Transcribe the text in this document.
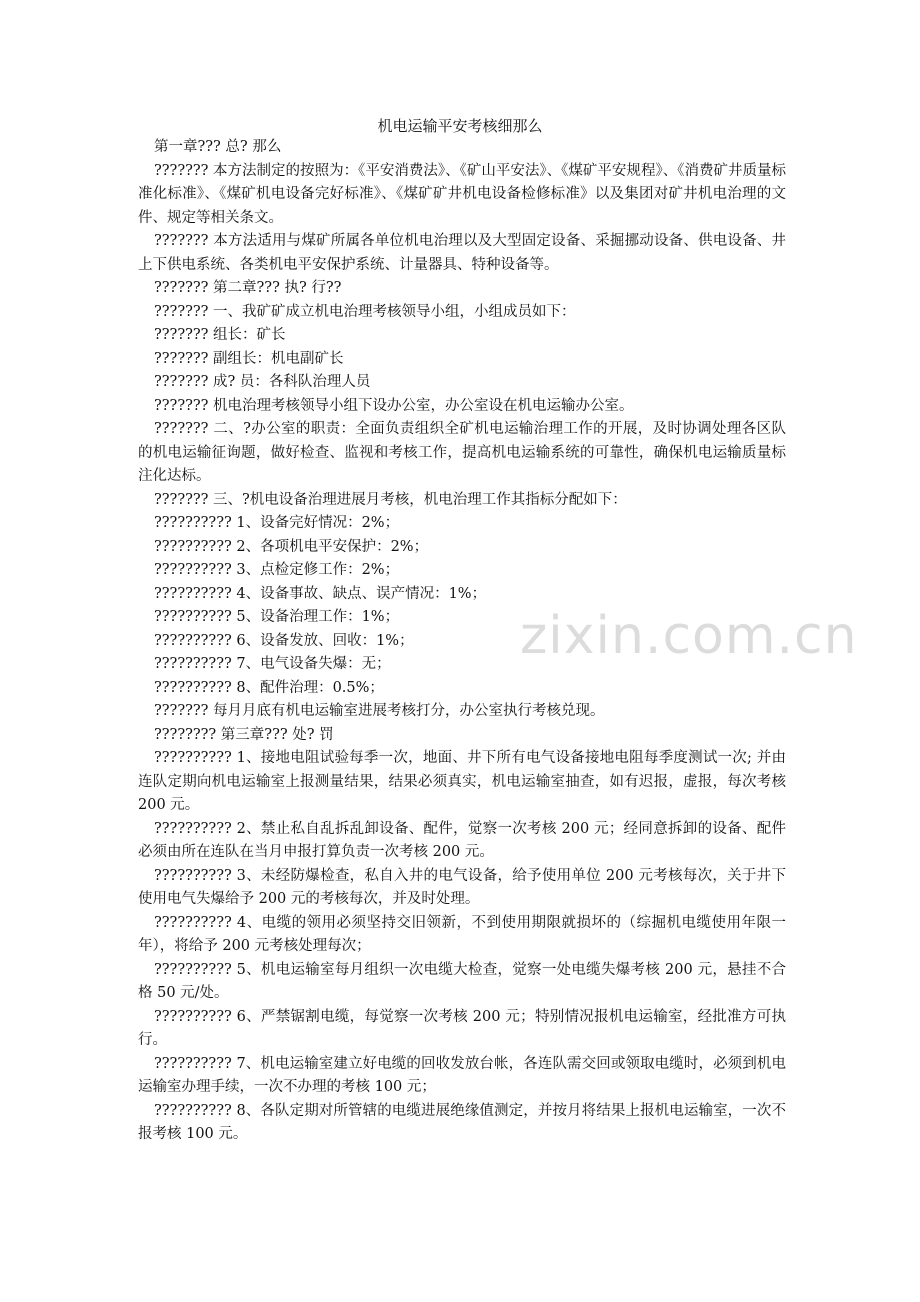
机电运输平安考核细那么

第一章??? 总? 那么

??????? 本方法制定的按照为：《平安消费法》、《矿山平安法》、《煤矿平安规程》、《消费矿井质量标准化标准》、《煤矿机电设备完好标准》、《煤矿矿井机电设备检修标准》以及集团对矿井机电治理的文件、规定等相关条文。

??????? 本方法适用与煤矿所属各单位机电治理以及大型固定设备、采掘挪动设备、供电设备、井上下供电系统、各类机电平安保护系统、计量器具、特种设备等。

??????? 第二章??? 执? 行??

??????? 一、我矿矿成立机电治理考核领导小组，小组成员如下：

??????? 组长：矿长

??????? 副组长：机电副矿长

??????? 成? 员：各科队治理人员

??????? 机电治理考核领导小组下设办公室，办公室设在机电运输办公室。

??????? 二、?办公室的职责：全面负责组织全矿机电运输治理工作的开展，及时协调处理各区队的机电运输征询题，做好检查、监视和考核工作，提高机电运输系统的可靠性，确保机电运输质量标注化达标。

??????? 三、?机电设备治理进展月考核，机电治理工作其指标分配如下：

?????????? 1、设备完好情况：2%；

?????????? 2、各项机电平安保护：2%；

?????????? 3、点检定修工作：2%；

?????????? 4、设备事故、缺点、误产情况：1%；

?????????? 5、设备治理工作：1%；

?????????? 6、设备发放、回收：1%；

?????????? 7、电气设备失爆：无；

?????????? 8、配件治理：0.5%；

??????? 每月月底有机电运输室进展考核打分，办公室执行考核兑现。

???????? 第三章??? 处? 罚

?????????? 1、接地电阻试验每季一次，地面、井下所有电气设备接地电阻每季度测试一次; 并由连队定期向机电运输室上报测量结果，结果必须真实，机电运输室抽查，如有迟报，虚报，每次考核 200 元。

?????????? 2、禁止私自乱拆乱卸设备、配件，觉察一次考核 200 元；经同意拆卸的设备、配件必须由所在连队在当月申报打算负责一次考核 200 元。

?????????? 3、未经防爆检查，私自入井的电气设备，给予使用单位 200 元考核每次，关于井下使用电气失爆给予 200 元的考核每次，并及时处理。

?????????? 4、电缆的领用必须坚持交旧领新，不到使用期限就损坏的（综掘机电缆使用年限一年），将给予 200 元考核处理每次；

?????????? 5、机电运输室每月组织一次电缆大检查，觉察一处电缆失爆考核 200 元，悬挂不合格 50 元/处。

?????????? 6、严禁锯割电缆，每觉察一次考核 200 元；特别情况报机电运输室，经批准方可执行。

?????????? 7、机电运输室建立好电缆的回收发放台帐，各连队需交回或领取电缆时，必须到机电运输室办理手续，一次不办理的考核 100 元；

?????????? 8、各队定期对所管辖的电缆进展绝缘值测定，并按月将结果上报机电运输室，一次不报考核 100 元。

zixin.com.cn
